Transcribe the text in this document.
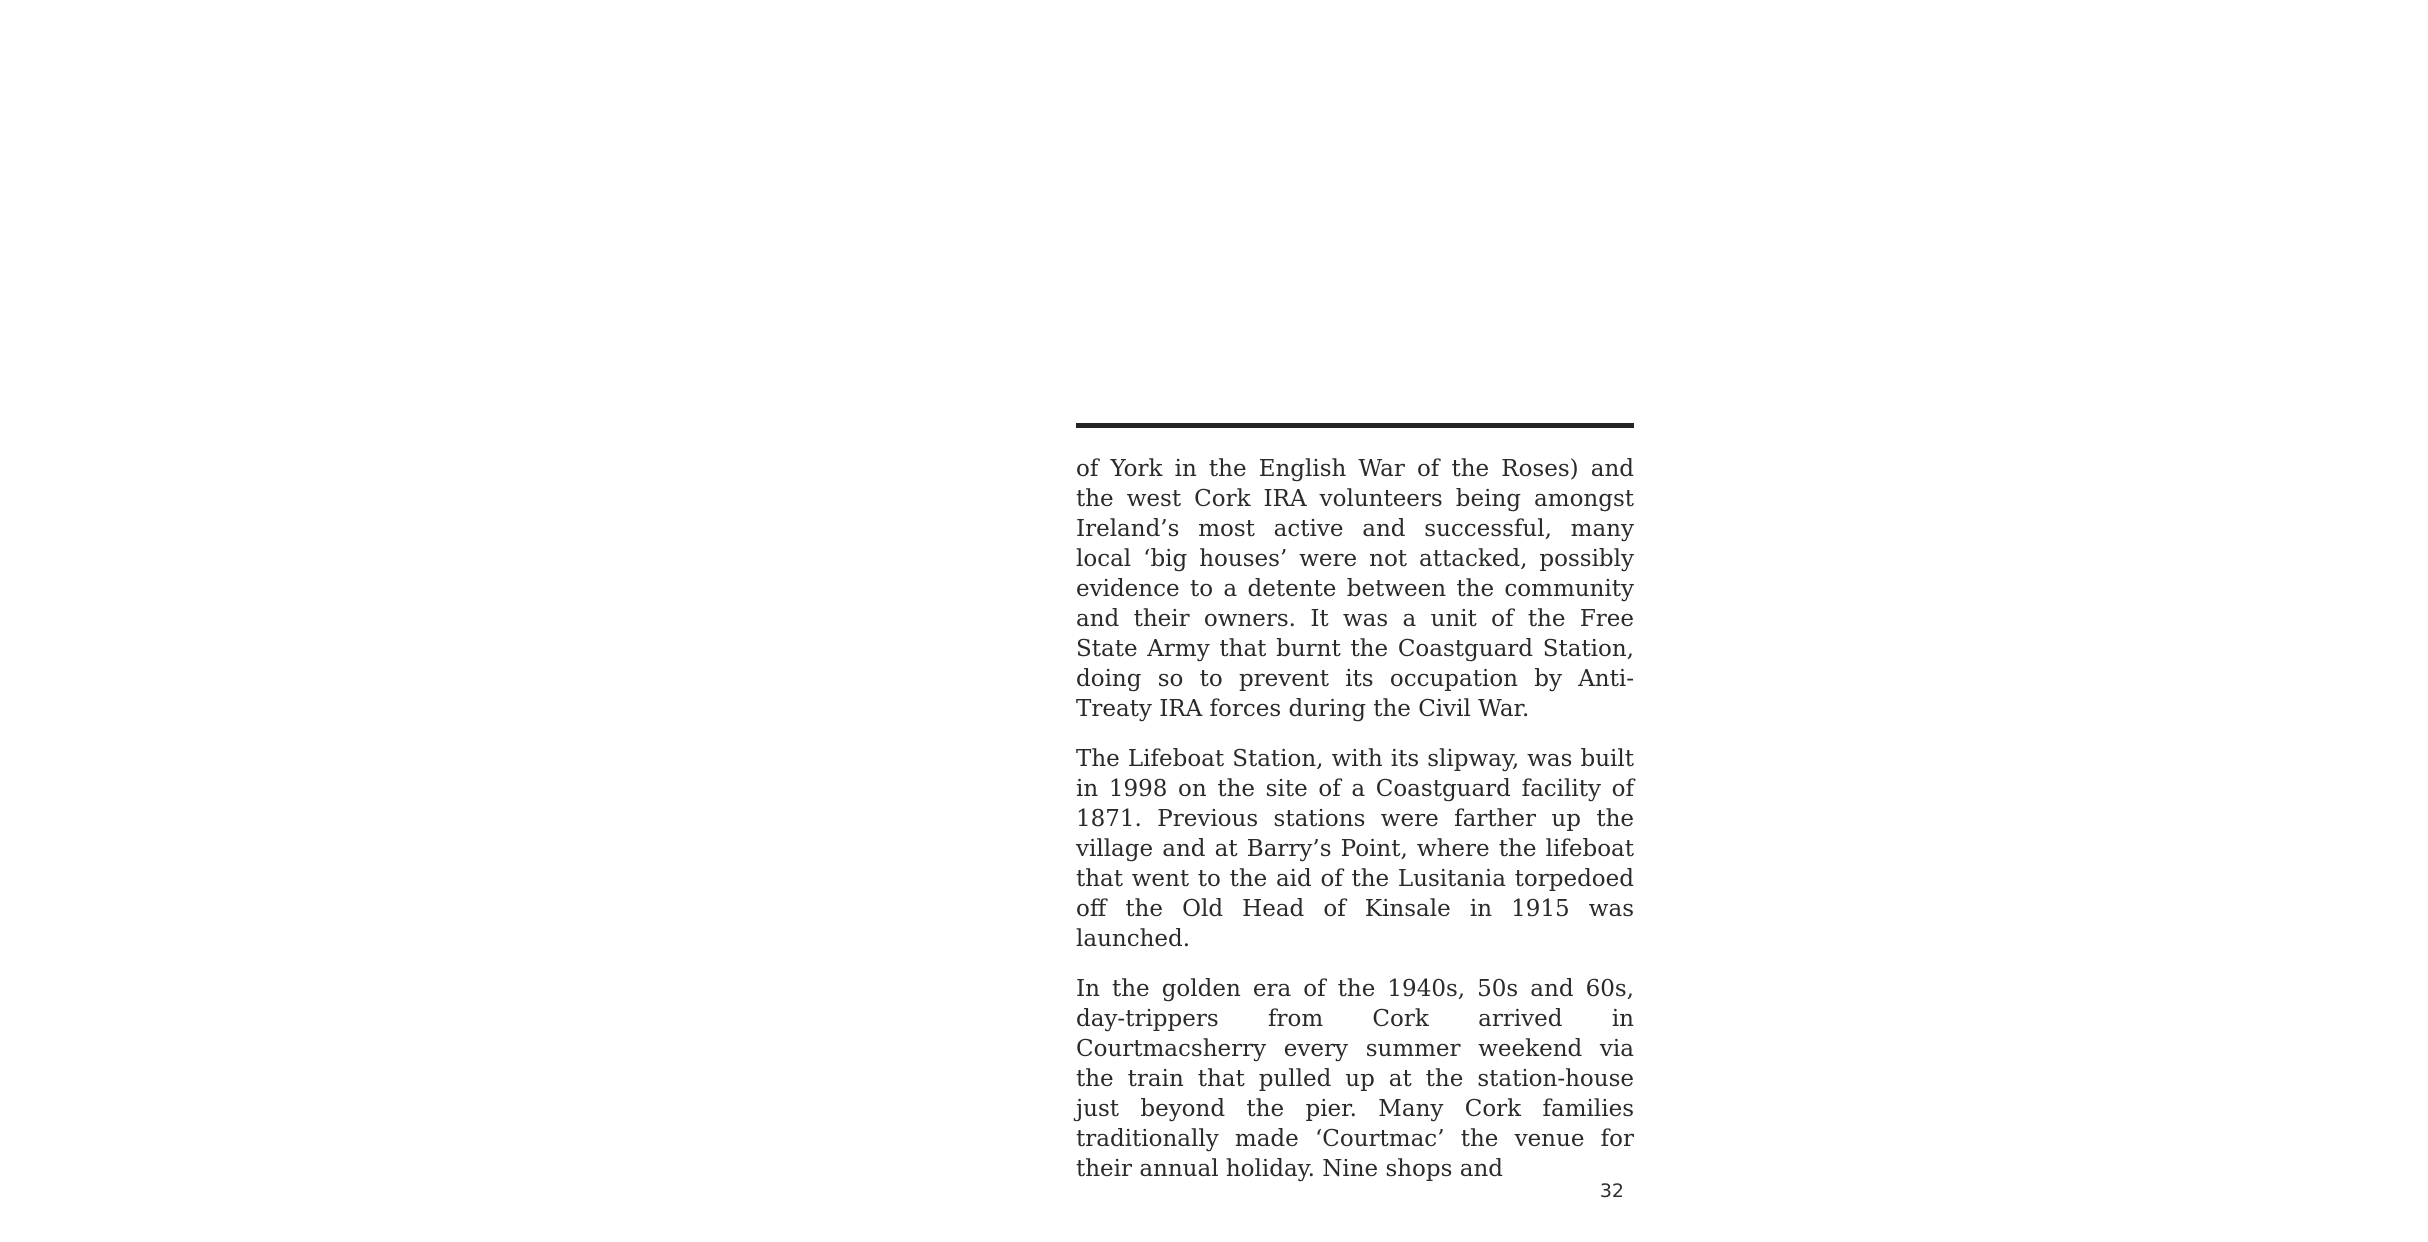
of York in the English War of the Roses) and the west Cork IRA volunteers being amongst Ireland’s most active and successful, many local ‘big houses’ were not attacked, possibly evidence to a detente between the community and their owners. It was a unit of the Free State Army that burnt the Coastguard Station, doing so to prevent its occupation by Anti-Treaty IRA forces during the Civil War.

The Lifeboat Station, with its slipway, was built in 1998 on the site of a Coastguard facility of 1871. Previous stations were farther up the village and at Barry’s Point, where the lifeboat that went to the aid of the Lusitania torpedoed off the Old Head of Kinsale in 1915 was launched.

In the golden era of the 1940s, 50s and 60s, day-trippers from Cork arrived in Courtmacsherry every summer weekend via the train that pulled up at the station-house just beyond the pier. Many Cork families traditionally made ‘Courtmac’ the venue for their annual holiday. Nine shops and

32
